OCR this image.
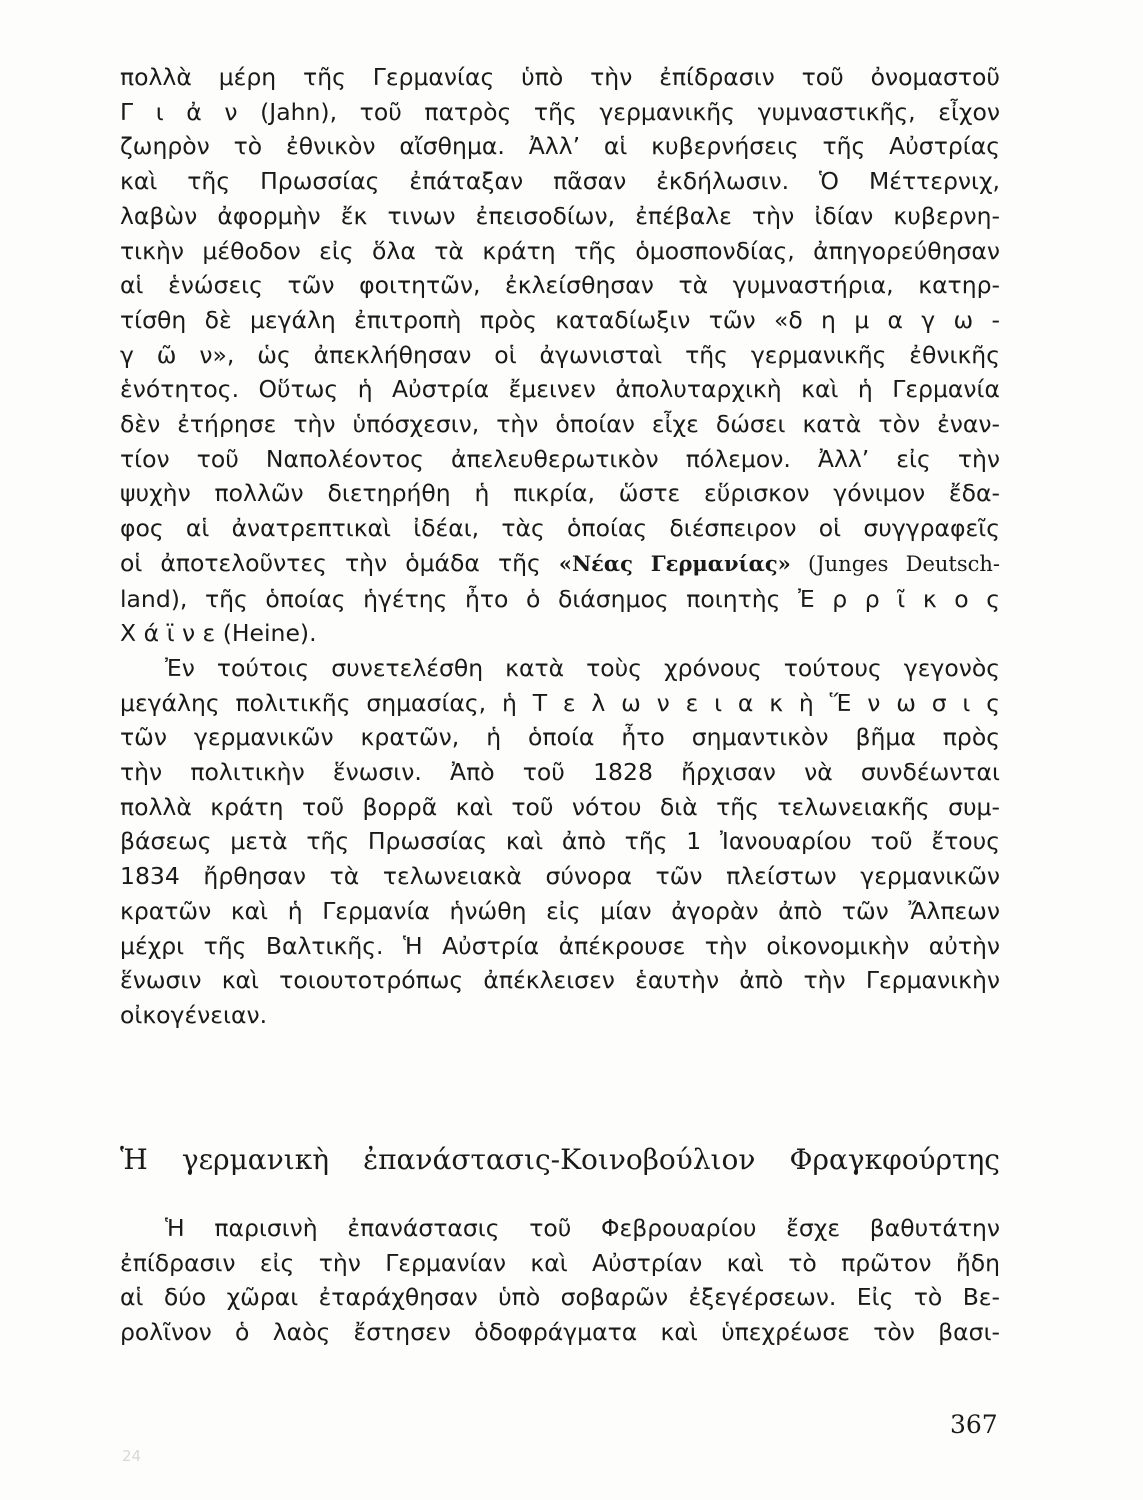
πολλὰ μέρη τῆς Γερμανίας ὑπὸ τὴν ἐπίδρασιν τοῦ ὀνομαστοῦ
Γ ι ἀ ν (Jahn), τοῦ πατρὸς τῆς γερμανικῆς γυμναστικῆς, εἶχον
ζωηρὸν τὸ ἐθνικὸν αἴσθημα. Ἀλλ’ αἱ κυβερνήσεις τῆς Αὐστρίας
καὶ τῆς Πρωσσίας ἐπάταξαν πᾶσαν ἐκδήλωσιν. Ὁ Μέττερνιχ,
λαβὼν ἀφορμὴν ἔκ τινων ἐπεισοδίων, ἐπέβαλε τὴν ἰδίαν κυβερνη-
τικὴν μέθοδον εἰς ὅλα τὰ κράτη τῆς ὁμοσπονδίας, ἀπηγορεύθησαν
αἱ ἑνώσεις τῶν φοιτητῶν, ἐκλείσθησαν τὰ γυμναστήρια, κατηρ-
τίσθη δὲ μεγάλη ἐπιτροπὴ πρὸς καταδίωξιν τῶν «δ η μ α γ ω -
γ ῶ ν», ὡς ἀπεκλήθησαν οἱ ἀγωνισταὶ τῆς γερμανικῆς ἐθνικῆς
ἑνότητος. Οὕτως ἡ Αὐστρία ἔμεινεν ἀπολυταρχικὴ καὶ ἡ Γερμανία
δὲν ἐτήρησε τὴν ὑπόσχεσιν, τὴν ὁποίαν εἶχε δώσει κατὰ τὸν ἐναν-
τίον τοῦ Ναπολέοντος ἀπελευθερωτικὸν πόλεμον. Ἀλλ’ εἰς τὴν
ψυχὴν πολλῶν διετηρήθη ἡ πικρία, ὥστε εὕρισκον γόνιμον ἔδα-
φος αἱ ἀνατρεπτικαὶ ἰδέαι, τὰς ὁποίας διέσπειρον οἱ συγγραφεῖς
οἱ ἀποτελοῦντες τὴν ὁμάδα τῆς «Νέας Γερμανίας» (Junges Deutsch-
land), τῆς ὁποίας ἡγέτης ἦτο ὁ διάσημος ποιητὴς Ἐ ρ ρ ῖ κ ο ς
Χ ά ϊ ν ε (Heine).

Ἐν τούτοις συνετελέσθη κατὰ τοὺς χρόνους τούτους γεγονὸς
μεγάλης πολιτικῆς σημασίας, ἡ Τ ε λ ω ν ε ι α κ ὴ Ἕ ν ω σ ι ς
τῶν γερμανικῶν κρατῶν, ἡ ὁποία ἦτο σημαντικὸν βῆμα πρὸς
τὴν πολιτικὴν ἕνωσιν. Ἀπὸ τοῦ 1828 ἤρχισαν νὰ συνδέωνται
πολλὰ κράτη τοῦ βορρᾶ καὶ τοῦ νότου διὰ τῆς τελωνειακῆς συμ-
βάσεως μετὰ τῆς Πρωσσίας καὶ ἀπὸ τῆς 1 Ἰανουαρίου τοῦ ἔτους
1834 ἤρθησαν τὰ τελωνειακὰ σύνορα τῶν πλείστων γερμανικῶν
κρατῶν καὶ ἡ Γερμανία ἡνώθη εἰς μίαν ἀγορὰν ἀπὸ τῶν Ἄλπεων
μέχρι τῆς Βαλτικῆς. Ἡ Αὐστρία ἀπέκρουσε τὴν οἰκονομικὴν αὐτὴν
ἕνωσιν καὶ τοιουτοτρόπως ἀπέκλεισεν ἑαυτὴν ἀπὸ τὴν Γερμανικὴν
οἰκογένειαν.

Ἡ γερμανικὴ ἐπανάστασις-Κοινοβούλιον Φραγκφούρτης

Ἡ παρισινὴ ἐπανάστασις τοῦ Φεβρουαρίου ἔσχε βαθυτάτην
ἐπίδρασιν εἰς τὴν Γερμανίαν καὶ Αὐστρίαν καὶ τὸ πρῶτον ἤδη
αἱ δύο χῶραι ἐταράχθησαν ὑπὸ σοβαρῶν ἐξεγέρσεων. Εἰς τὸ Βε-
ρολῖνον ὁ λαὸς ἔστησεν ὁδοφράγματα καὶ ὑπεχρέωσε τὸν βασι-

367
24
